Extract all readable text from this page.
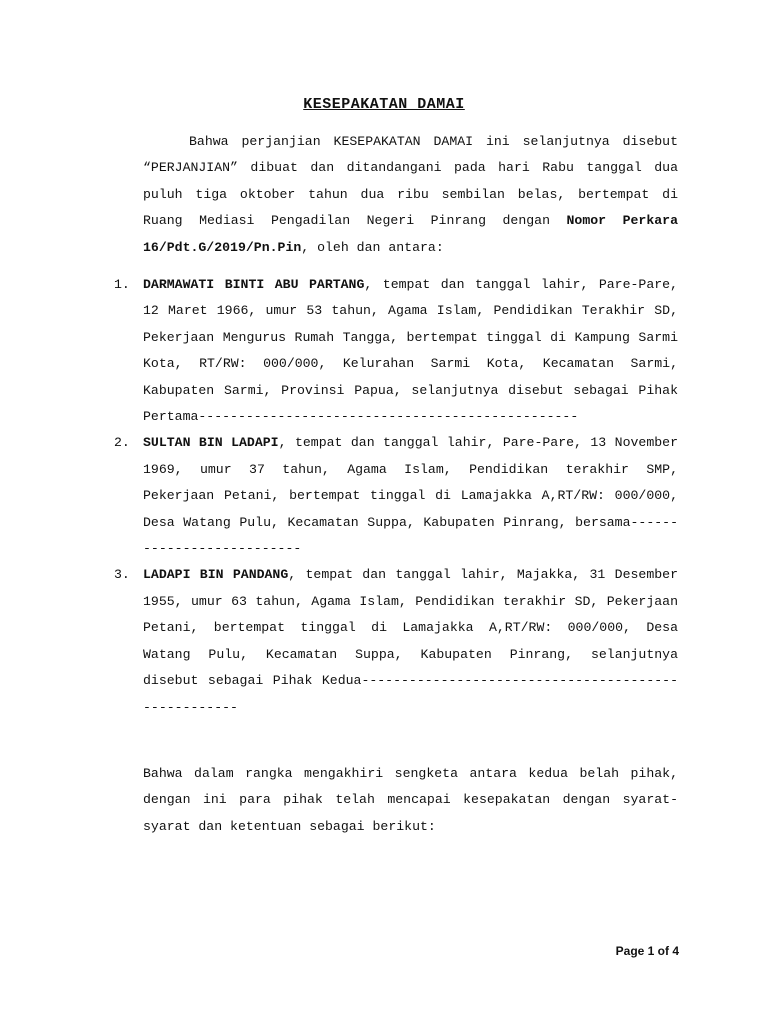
KESEPAKATAN DAMAI

Bahwa perjanjian KESEPAKATAN DAMAI ini selanjutnya disebut “PERJANJIAN” dibuat dan ditandangani pada hari Rabu tanggal dua puluh tiga oktober tahun dua ribu sembilan belas, bertempat di Ruang Mediasi Pengadilan Negeri Pinrang dengan Nomor Perkara 16/Pdt.G/2019/Pn.Pin, oleh dan antara:

1. DARMAWATI BINTI ABU PARTANG, tempat dan tanggal lahir, Pare-Pare, 12 Maret 1966, umur 53 tahun, Agama Islam, Pendidikan Terakhir SD, Pekerjaan Mengurus Rumah Tangga, bertempat tinggal di Kampung Sarmi Kota, RT/RW: 000/000, Kelurahan Sarmi Kota, Kecamatan Sarmi, Kabupaten Sarmi, Provinsi Papua, selanjutnya disebut sebagai Pihak Pertama------------------------------------------------
2. SULTAN BIN LADAPI, tempat dan tanggal lahir, Pare-Pare, 13 November 1969, umur 37 tahun, Agama Islam, Pendidikan terakhir SMP, Pekerjaan Petani, bertempat tinggal di Lamajakka A,RT/RW: 000/000, Desa Watang Pulu, Kecamatan Suppa, Kabupaten Pinrang, bersama--------------------------
3. LADAPI BIN PANDANG, tempat dan tanggal lahir, Majakka, 31 Desember 1955, umur 63 tahun, Agama Islam, Pendidikan terakhir SD, Pekerjaan Petani, bertempat tinggal di Lamajakka A,RT/RW: 000/000, Desa Watang Pulu, Kecamatan Suppa, Kabupaten Pinrang, selanjutnya disebut sebagai Pihak Kedua----------------------------------------------------

Bahwa dalam rangka mengakhiri sengketa antara kedua belah pihak, dengan ini para pihak telah mencapai kesepakatan dengan syarat-syarat dan ketentuan sebagai berikut:

Page 1 of 4
